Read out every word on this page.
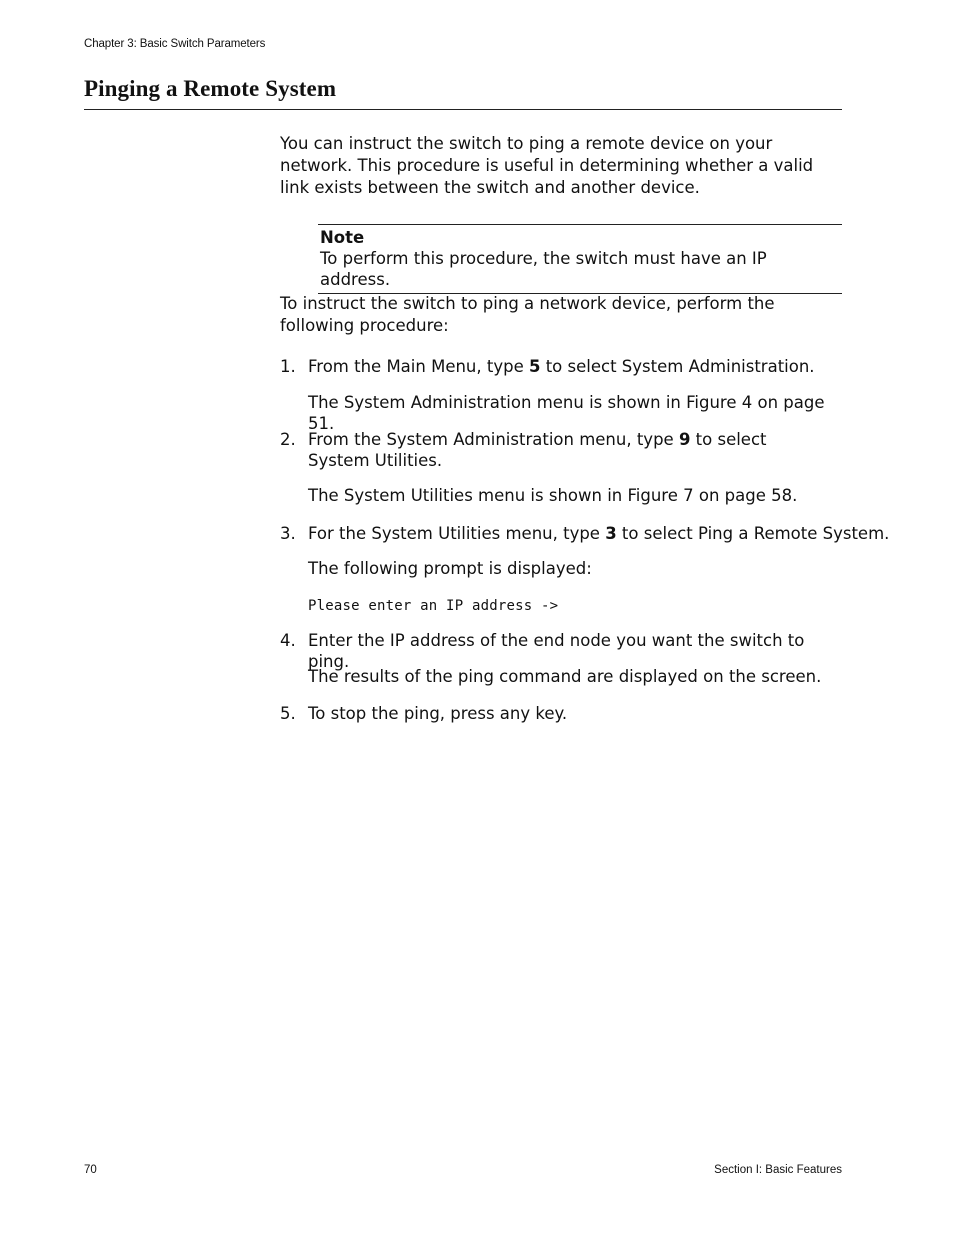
Chapter 3: Basic Switch Parameters
Pinging a Remote System

You can instruct the switch to ping a remote device on your network. This procedure is useful in determining whether a valid link exists between the switch and another device.

Note
To perform this procedure, the switch must have an IP address.

To instruct the switch to ping a network device, perform the following procedure:

1. From the Main Menu, type 5 to select System Administration.
The System Administration menu is shown in Figure 4 on page 51.
2. From the System Administration menu, type 9 to select System Utilities.
The System Utilities menu is shown in Figure 7 on page 58.
3. For the System Utilities menu, type 3 to select Ping a Remote System.
The following prompt is displayed:
Please enter an IP address ->
4. Enter the IP address of the end node you want the switch to ping.
The results of the ping command are displayed on the screen.
5. To stop the ping, press any key.
70	Section I: Basic Features
